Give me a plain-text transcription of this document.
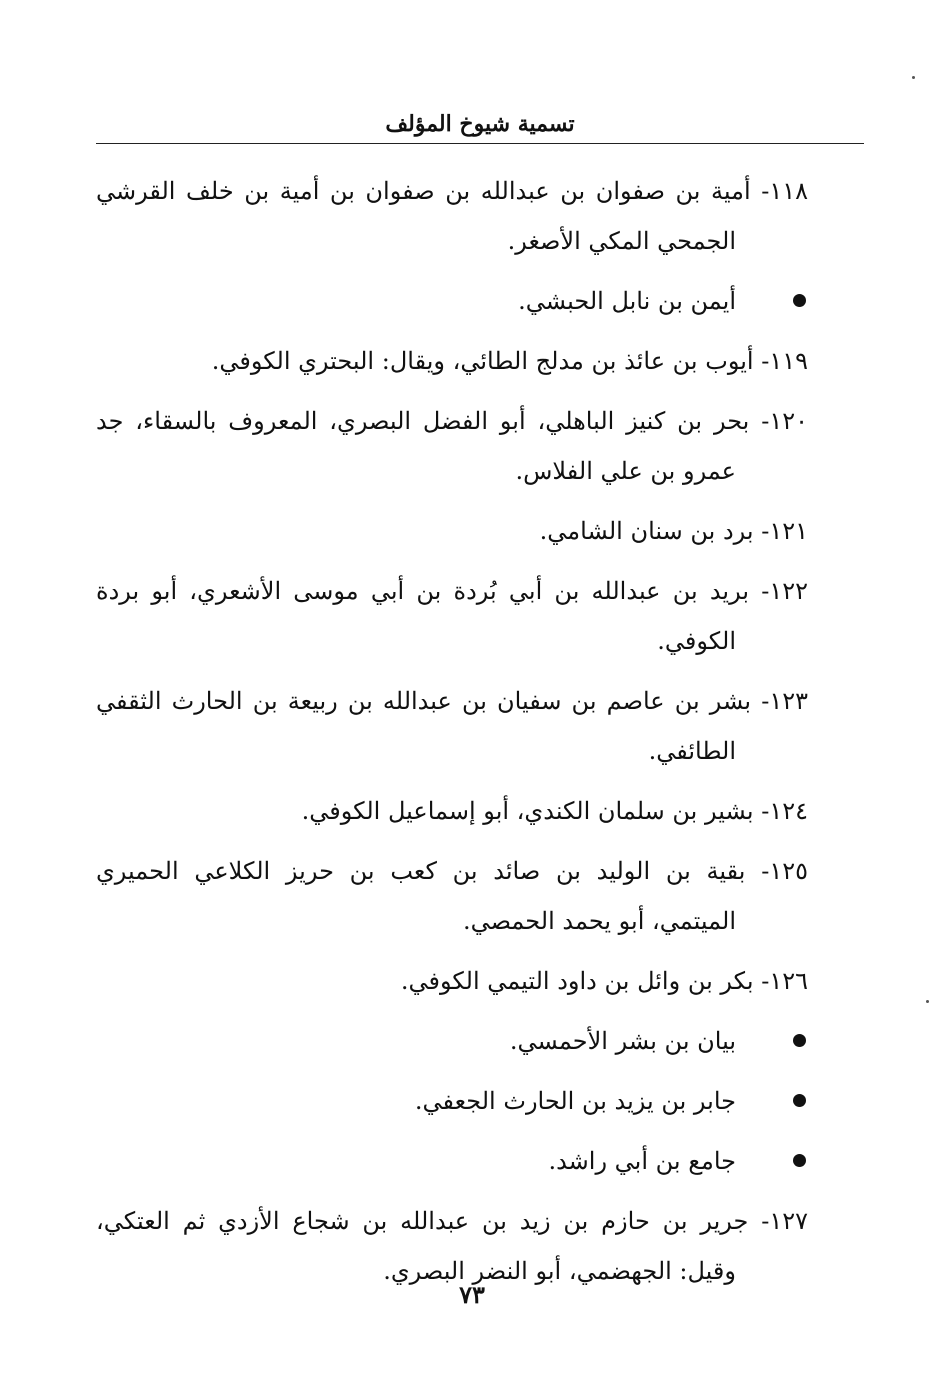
تسمية شيوخ المؤلف
١١٨- أمية بن صفوان بن عبدالله بن صفوان بن أمية بن خلف القرشي الجمحي المكي الأصغر.
أيمن بن نابل الحبشي.
١١٩- أيوب بن عائذ بن مدلج الطائي، ويقال: البحتري الكوفي.
١٢٠- بحر بن كنيز الباهلي، أبو الفضل البصري، المعروف بالسقاء، جد عمرو بن علي الفلاس.
١٢١- برد بن سنان الشامي.
١٢٢- بريد بن عبدالله بن أبي بُردة بن أبي موسى الأشعري، أبو بردة الكوفي.
١٢٣- بشر بن عاصم بن سفيان بن عبدالله بن ربيعة بن الحارث الثقفي الطائفي.
١٢٤- بشير بن سلمان الكندي، أبو إسماعيل الكوفي.
١٢٥- بقية بن الوليد بن صائد بن كعب بن حريز الكلاعي الحميري الميتمي، أبو يحمد الحمصي.
١٢٦- بكر بن وائل بن داود التيمي الكوفي.
بيان بن بشر الأحمسي.
جابر بن يزيد بن الحارث الجعفي.
جامع بن أبي راشد.
١٢٧- جرير بن حازم بن زيد بن عبدالله بن شجاع الأزدي ثم العتكي، وقيل: الجهضمي، أبو النضر البصري.
٧٣
